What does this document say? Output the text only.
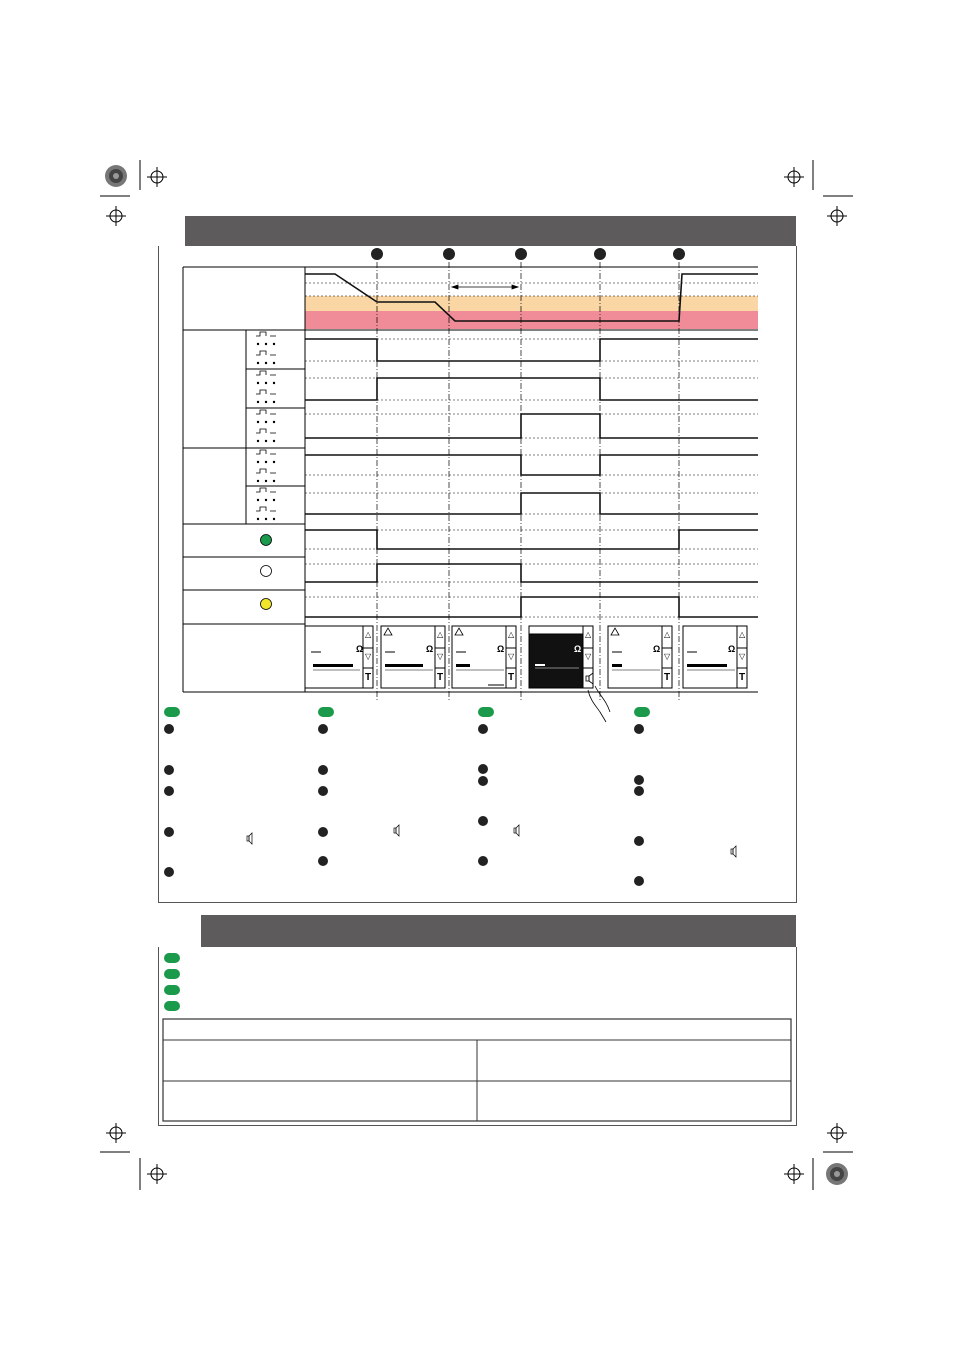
Ω
△
▽
T
Ω
△
▽
T
Ω
△
▽
T
Ω
△
▽
Ω
△
▽
T
Ω
△
▽
T
